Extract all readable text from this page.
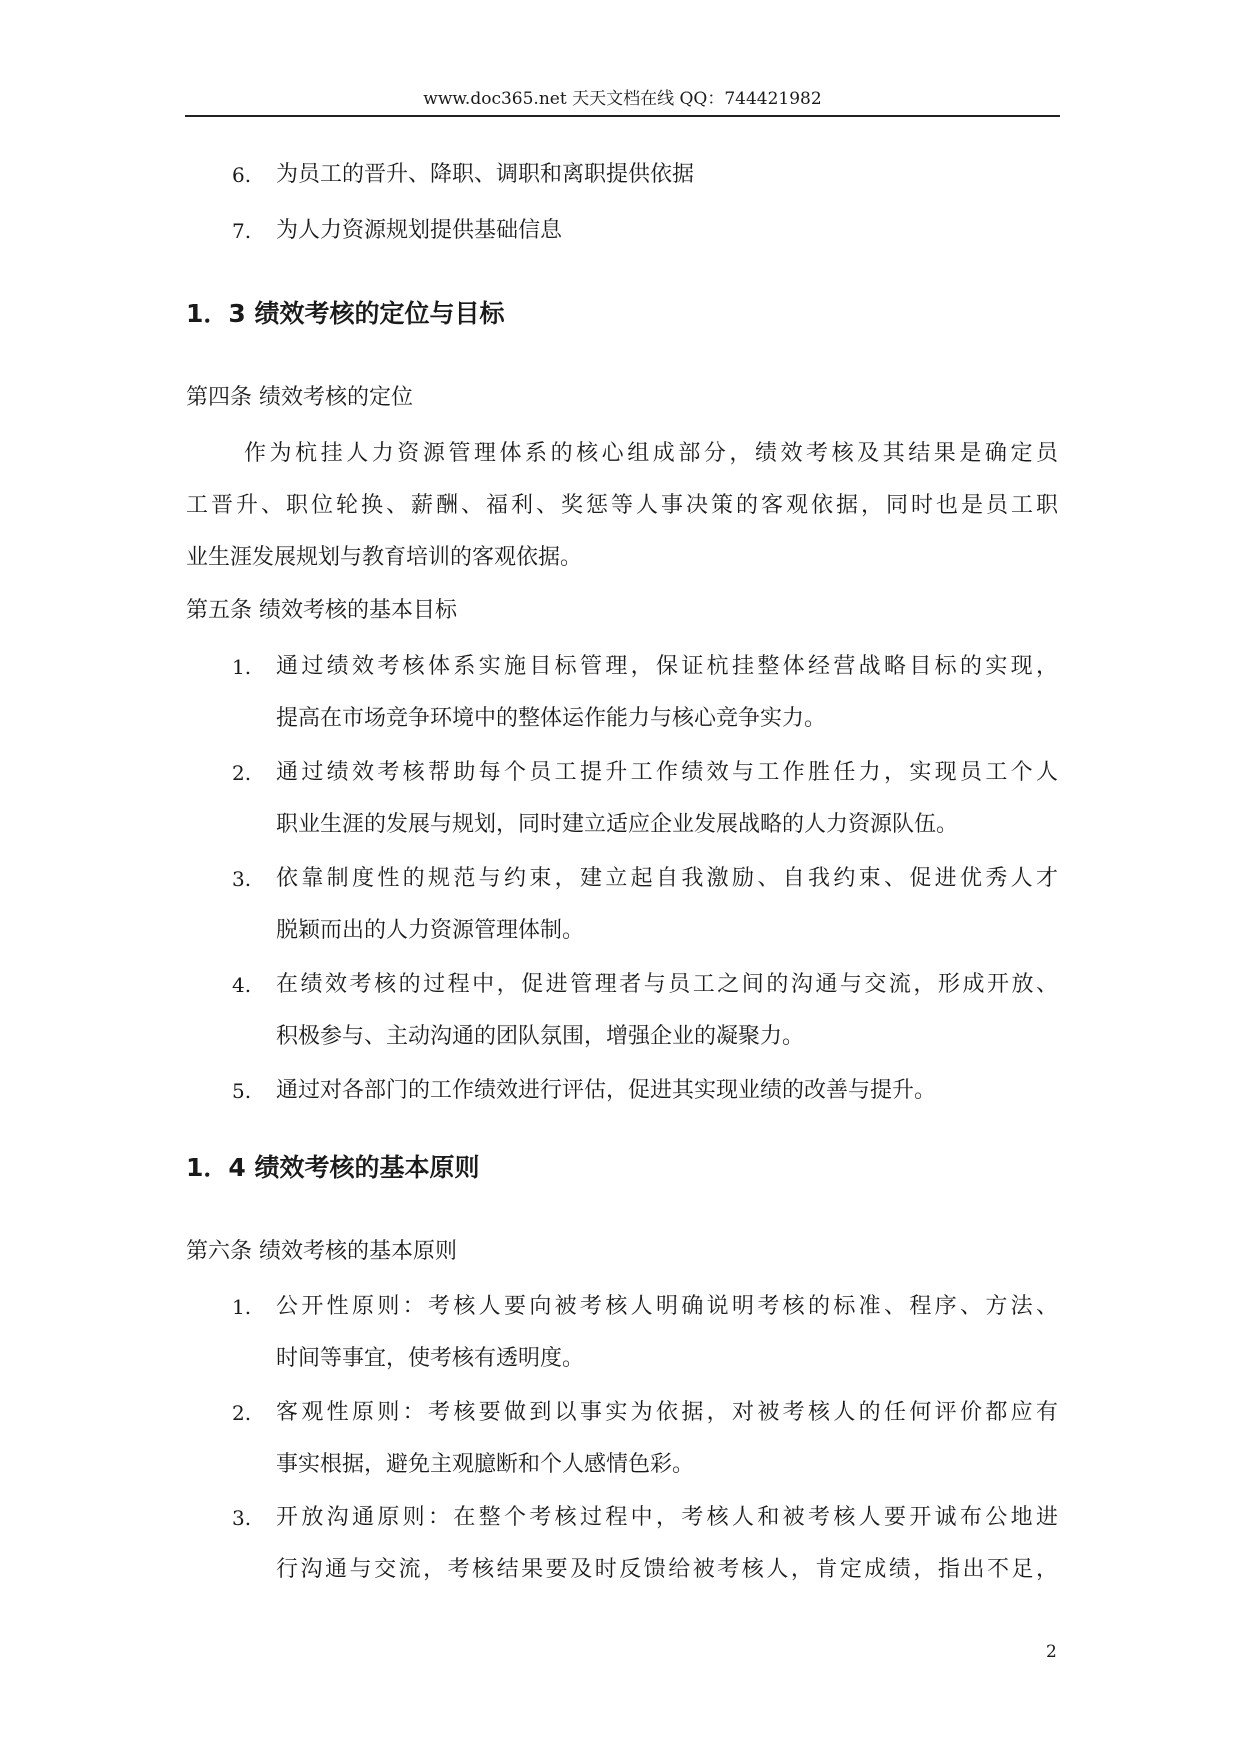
www.doc365.net 天天文档在线 QQ：744421982
6. 为员工的晋升、降职、调职和离职提供依据
7. 为人力资源规划提供基础信息
1．3 绩效考核的定位与目标
第四条 绩效考核的定位
作为杭挂人力资源管理体系的核心组成部分，绩效考核及其结果是确定员
工晋升、职位轮换、薪酬、福利、奖惩等人事决策的客观依据，同时也是员工职
业生涯发展规划与教育培训的客观依据。
第五条 绩效考核的基本目标
1. 通过绩效考核体系实施目标管理，保证杭挂整体经营战略目标的实现，
提高在市场竞争环境中的整体运作能力与核心竞争实力。
2. 通过绩效考核帮助每个员工提升工作绩效与工作胜任力，实现员工个人
职业生涯的发展与规划，同时建立适应企业发展战略的人力资源队伍。
3. 依靠制度性的规范与约束，建立起自我激励、自我约束、促进优秀人才
脱颖而出的人力资源管理体制。
4. 在绩效考核的过程中，促进管理者与员工之间的沟通与交流，形成开放、
积极参与、主动沟通的团队氛围，增强企业的凝聚力。
5. 通过对各部门的工作绩效进行评估，促进其实现业绩的改善与提升。
1．4 绩效考核的基本原则
第六条 绩效考核的基本原则
1. 公开性原则：考核人要向被考核人明确说明考核的标准、程序、方法、
时间等事宜，使考核有透明度。
2. 客观性原则：考核要做到以事实为依据，对被考核人的任何评价都应有
事实根据，避免主观臆断和个人感情色彩。
3. 开放沟通原则：在整个考核过程中，考核人和被考核人要开诚布公地进
行沟通与交流，考核结果要及时反馈给被考核人，肯定成绩，指出不足，
2
